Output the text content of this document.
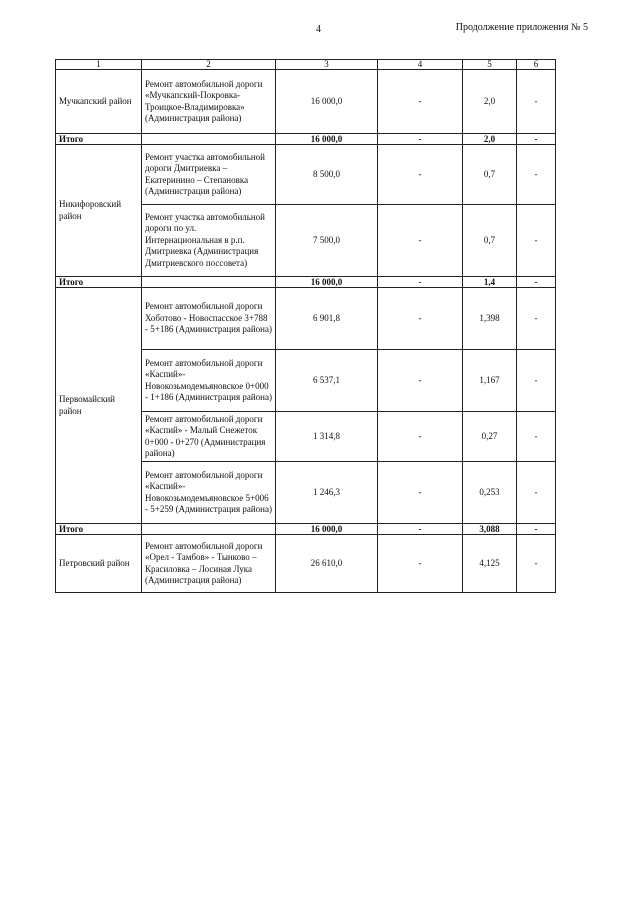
4	Продолжение приложения № 5
1	2	3	4	5	6
Мучкапский район	Ремонт автомобильной дороги «Мучкапский-Покровка-Троицкое-Владимировка» (Администрация района)	16 000,0	-	2,0	-
Итого		16 000,0	-	2,0	-
Никифоровский район	Ремонт участка автомобильной дороги Дмитриевка – Екатеринино – Степановка (Администрация района)	8 500,0	-	0,7	-
	Ремонт участка автомобильной дороги по ул. Интернациональная в р.п. Дмитриевка (Администрация Дмитриевского поссовета)	7 500,0	-	0,7	-
Итого		16 000,0	-	1,4	-
Первомайский район	Ремонт автомобильной дороги Хоботово - Новоспасское 3+788 - 5+186 (Администрация района)	6 901,8	-	1,398	-
	Ремонт автомобильной дороги «Каспий»-Новокозьмодемьяновское 0+000 - 1+186 (Администрация района)	6 537,1	-	1,167	-
	Ремонт автомобильной дороги «Каспий» - Малый Снежеток 0+000 - 0+270 (Администрация района)	1 314,8	-	0,27	-
	Ремонт автомобильной дороги «Каспий»-Новокозьмодемьяновское 5+006 - 5+259 (Администрация района)	1 246,3	-	0,253	-
Итого		16 000,0	-	3,088	-
Петровский район	Ремонт автомобильной дороги «Орел - Тамбов» - Тынково – Красиловка – Лосиная Лука (Администрация района)	26 610,0	-	4,125	-
